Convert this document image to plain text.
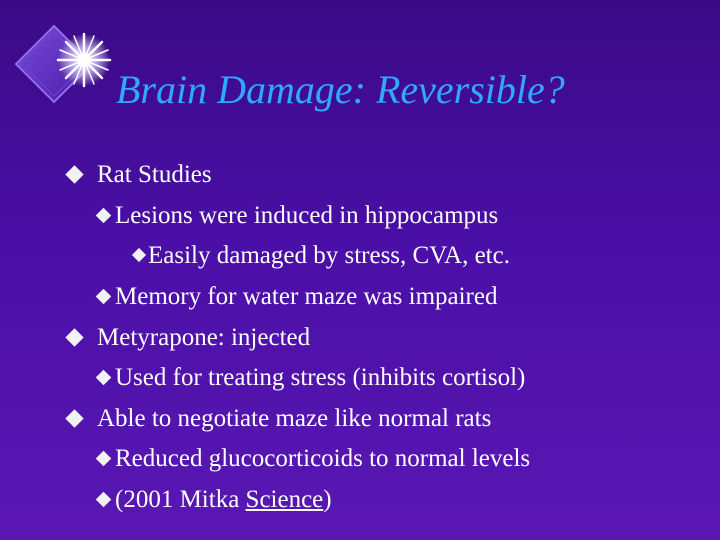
Brain Damage: Reversible?
Rat Studies
Lesions were induced in hippocampus
Easily damaged by stress, CVA, etc.
Memory for water maze was impaired
Metyrapone: injected
Used for treating stress (inhibits cortisol)
Able to negotiate maze like normal rats
Reduced glucocorticoids to normal levels
(2001 Mitka Science)
